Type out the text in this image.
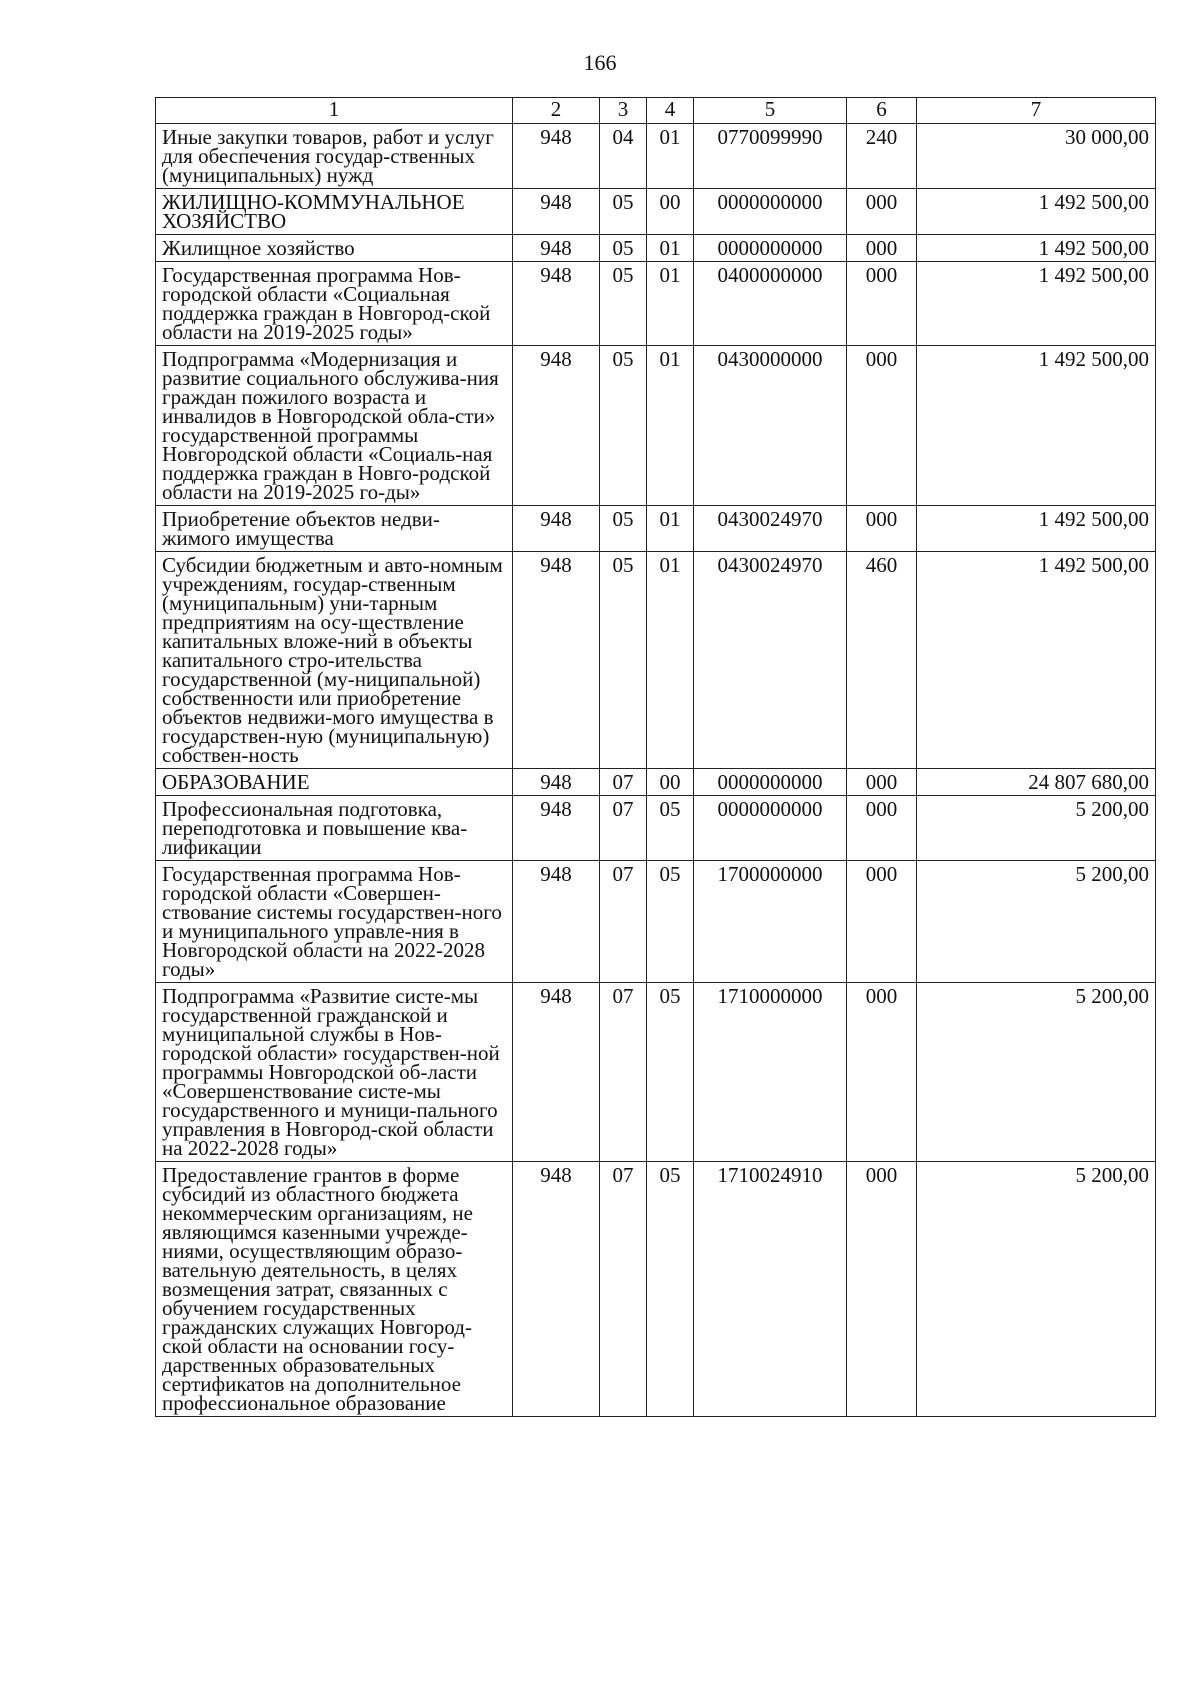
166
1	2	3	4	5	6	7
Иные закупки товаров, работ и услуг для обеспечения государ-ственных (муниципальных) нужд	948	04	01	0770099990	240	30 000,00
ЖИЛИЩНО-КОММУНАЛЬНОЕ ХОЗЯЙСТВО	948	05	00	0000000000	000	1 492 500,00
Жилищное хозяйство	948	05	01	0000000000	000	1 492 500,00
Государственная программа Нов-городской области «Социальная поддержка граждан в Новгород-ской области на 2019-2025 годы»	948	05	01	0400000000	000	1 492 500,00
Подпрограмма «Модернизация и развитие социального обслужива-ния граждан пожилого возраста и инвалидов в Новгородской обла-сти» государственной программы Новгородской области «Социаль-ная поддержка граждан в Новго-родской области на 2019-2025 го-ды»	948	05	01	0430000000	000	1 492 500,00
Приобретение объектов недви-жимого имущества	948	05	01	0430024970	000	1 492 500,00
Субсидии бюджетным и авто-номным учреждениям, государ-ственным (муниципальным) уни-тарным предприятиям на осу-ществление капитальных вложе-ний в объекты капитального стро-ительства государственной (му-ниципальной) собственности или приобретение объектов недвижи-мого имущества в государствен-ную (муниципальную) собствен-ность	948	05	01	0430024970	460	1 492 500,00
ОБРАЗОВАНИЕ	948	07	00	0000000000	000	24 807 680,00
Профессиональная подготовка, переподготовка и повышение ква-лификации	948	07	05	0000000000	000	5 200,00
Государственная программа Нов-городской области «Совершен-ствование системы государствен-ного и муниципального управле-ния в Новгородской области на 2022-2028 годы»	948	07	05	1700000000	000	5 200,00
Подпрограмма «Развитие систе-мы государственной гражданской и муниципальной службы в Нов-городской области» государствен-ной программы Новгородской об-ласти «Совершенствование систе-мы государственного и муници-пального управления в Новгород-ской области на 2022-2028 годы»	948	07	05	1710000000	000	5 200,00
Предоставление грантов в форме субсидий из областного бюджета некоммерческим организациям, не являющимся казенными учрежде-ниями, осуществляющим образо-вательную деятельность, в целях возмещения затрат, связанных с обучением государственных гражданских служащих Новгород-ской области на основании госу-дарственных образовательных сертификатов на дополнительное профессиональное образование	948	07	05	1710024910	000	5 200,00
